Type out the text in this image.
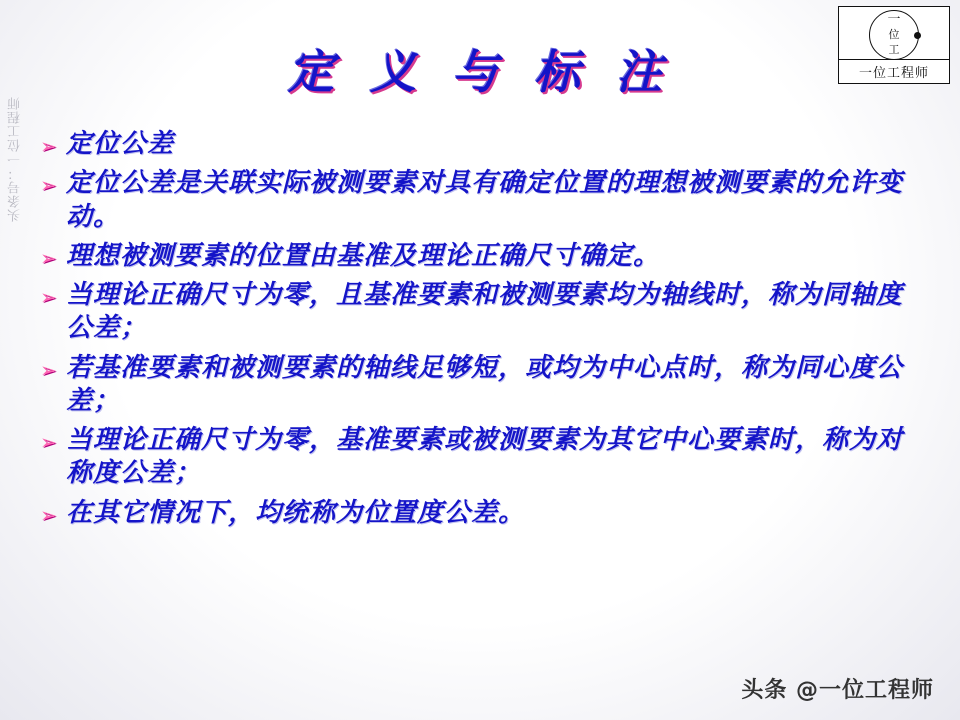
头条号：一位工程师
一
位
工
一位工程师
定 义 与 标 注
➢ 定位公差
➢ 定位公差是关联实际被测要素对具有确定位置的理想被测要素的允许变动。
➢ 理想被测要素的位置由基准及理论正确尺寸确定。
➢ 当理论正确尺寸为零，且基准要素和被测要素均为轴线时，称为同轴度公差；
➢ 若基准要素和被测要素的轴线足够短，或均为中心点时，称为同心度公差；
➢ 当理论正确尺寸为零，基准要素或被测要素为其它中心要素时，称为对称度公差；
➢ 在其它情况下，均统称为位置度公差。
头条 @一位工程师
